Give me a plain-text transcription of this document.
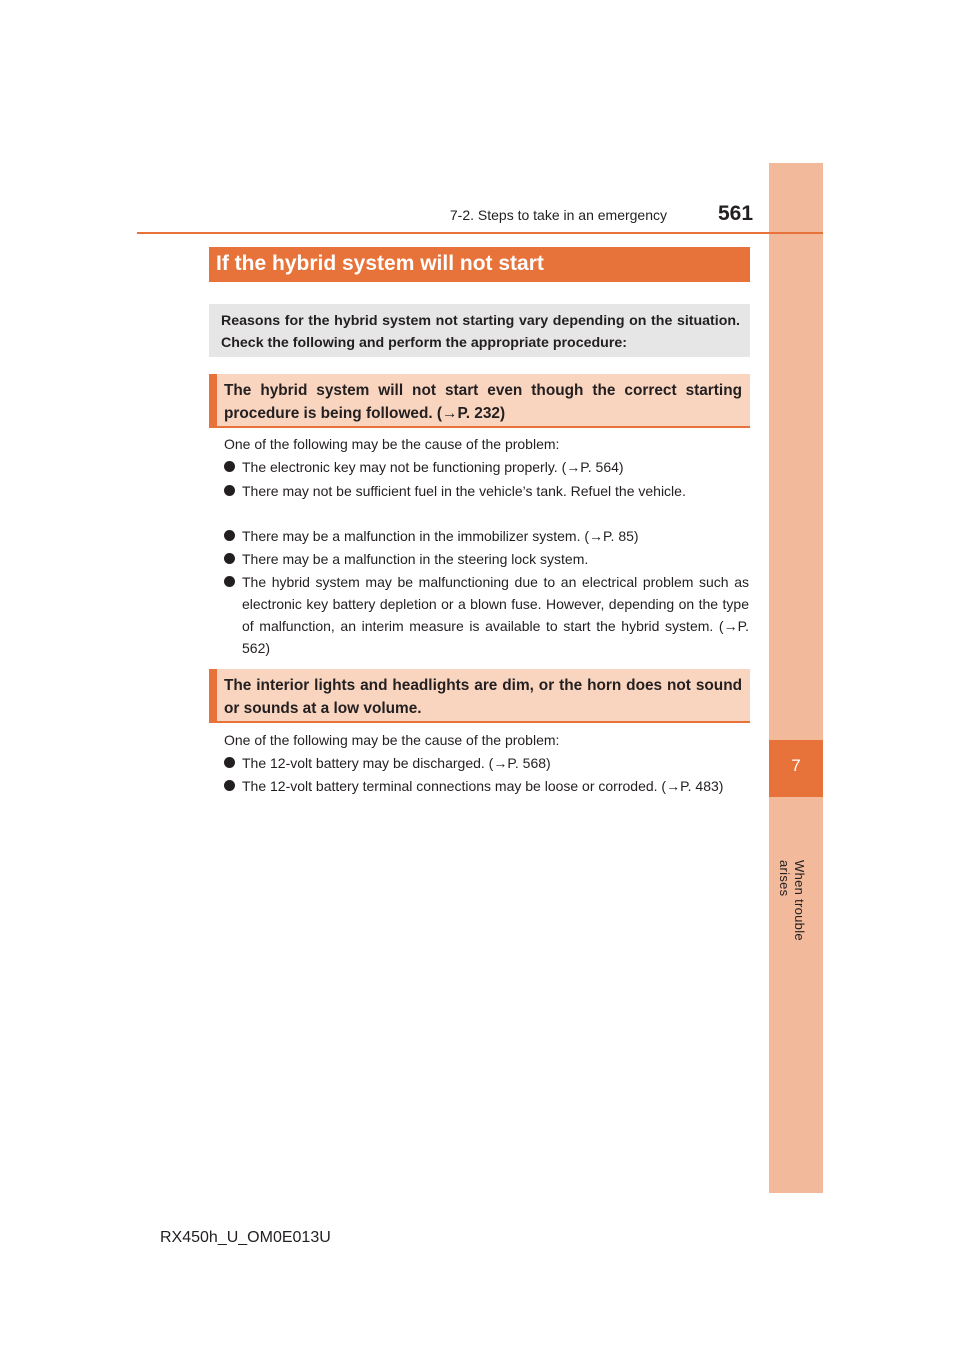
7
When trouble arises
7-2. Steps to take in an emergency 561
If the hybrid system will not start
Reasons for the hybrid system not starting vary depending on the situation. Check the following and perform the appropriate procedure:
The hybrid system will not start even though the correct starting procedure is being followed. (→P. 232)
One of the following may be the cause of the problem:
The electronic key may not be functioning properly. (→P. 564)
There may not be sufficient fuel in the vehicle’s tank. Refuel the vehicle.
There may be a malfunction in the immobilizer system. (→P. 85)
There may be a malfunction in the steering lock system.
The hybrid system may be malfunctioning due to an electrical problem such as electronic key battery depletion or a blown fuse. However, depending on the type of malfunction, an interim measure is available to start the hybrid system. (→P. 562)
The interior lights and headlights are dim, or the horn does not sound or sounds at a low volume.
One of the following may be the cause of the problem:
The 12-volt battery may be discharged. (→P. 568)
The 12-volt battery terminal connections may be loose or corroded. (→P. 483)
RX450h_U_OM0E013U
